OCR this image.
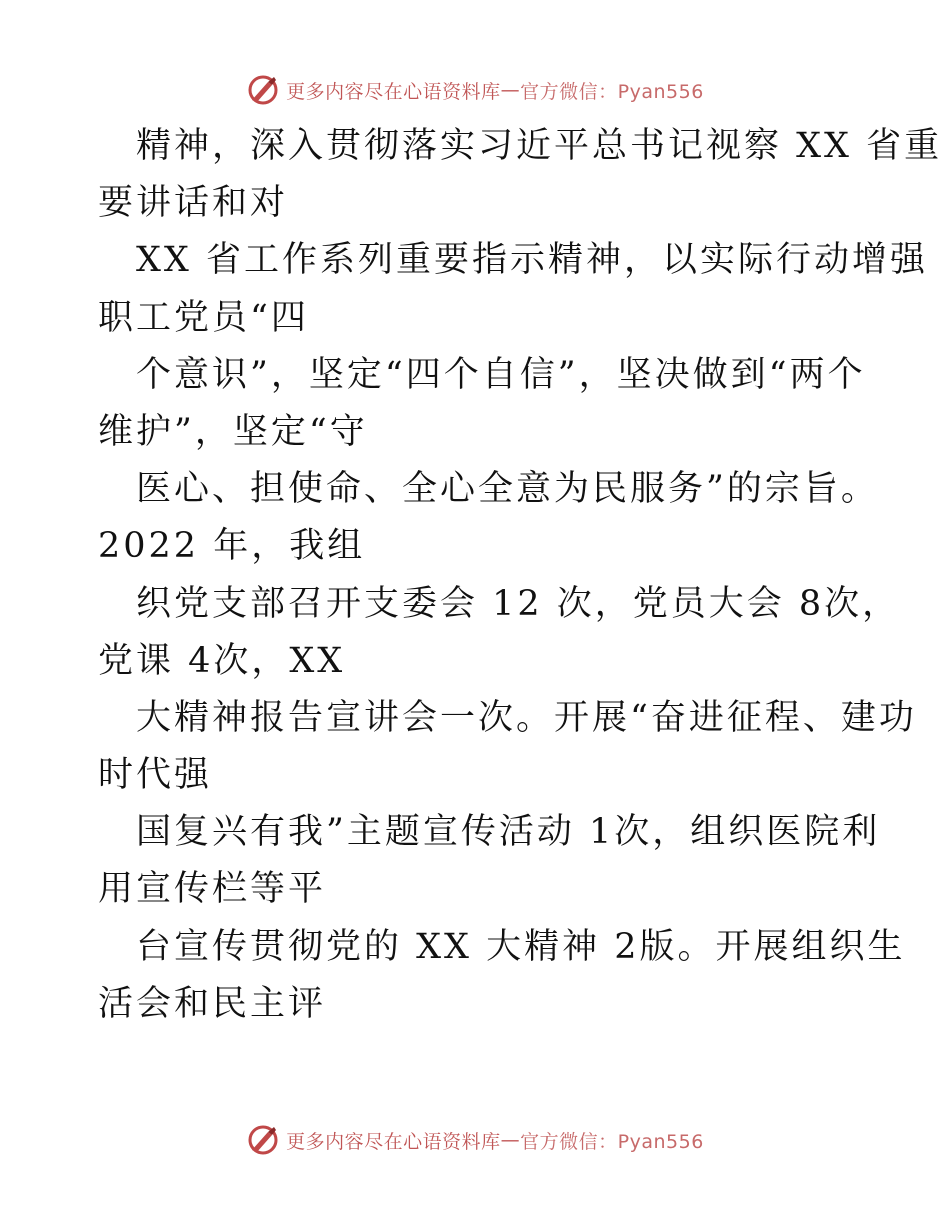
更多内容尽在心语资料库 — 官方微信：Pyan556
精神，深入贯彻落实习近平总书记视察 XX 省重
要讲话和对
XX 省工作系列重要指示精神，以实际行动增强
职工党员“四
个意识”，坚定“四个自信”，坚决做到“两个
维护”，坚定“守
医心、担使命、全心全意为民服务”的宗旨。
2022 年，我组
织党支部召开支委会 12 次，党员大会 8次，
党课 4次，XX
大精神报告宣讲会一次。开展“奋进征程、建功
时代强
国复兴有我”主题宣传活动 1次，组织医院利
用宣传栏等平
台宣传贯彻党的 XX 大精神 2版。开展组织生
活会和民主评
更多内容尽在心语资料库 — 官方微信：Pyan556
